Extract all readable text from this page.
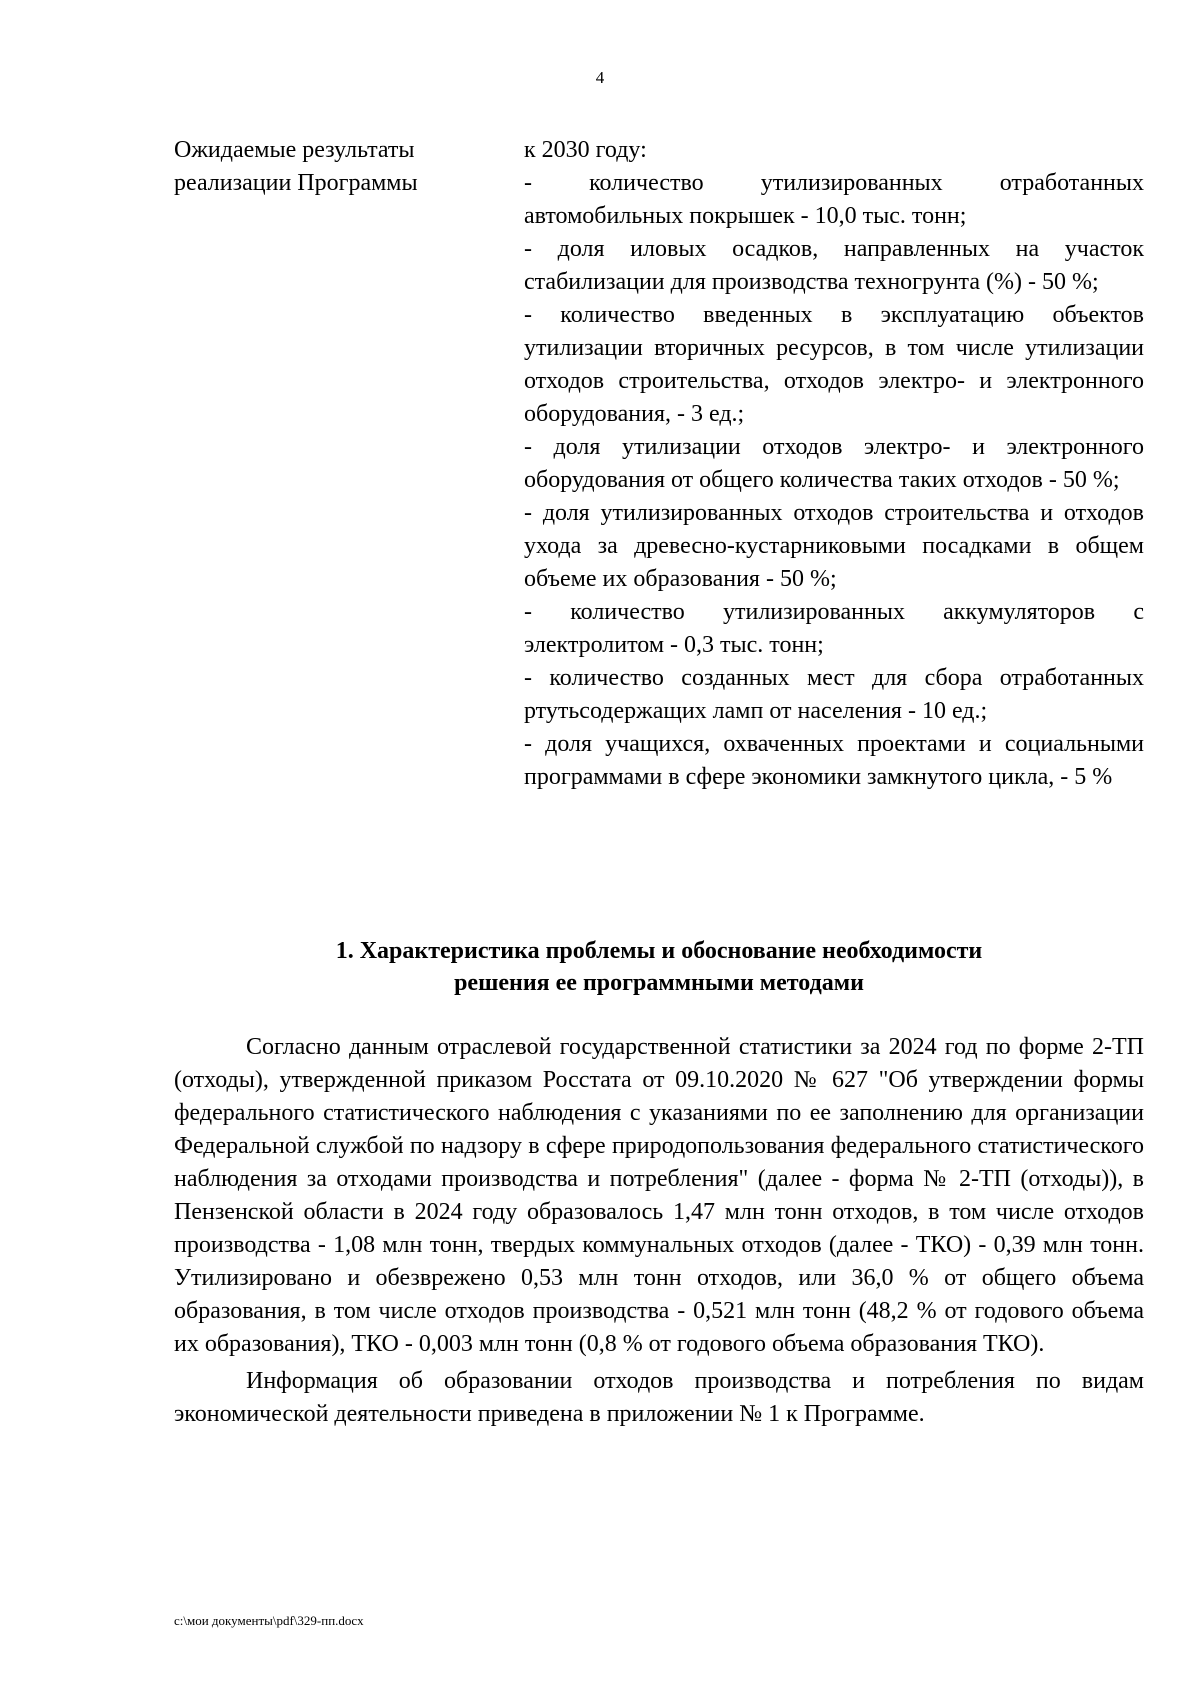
4
Ожидаемые результаты
реализации Программы
к 2030 году:

- количество утилизированных отработанных автомобильных покрышек - 10,0 тыс. тонн;

- доля иловых осадков, направленных на участок стабилизации для производства техногрунта (%) - 50 %;

- количество введенных в эксплуатацию объектов утилизации вторичных ресурсов, в том числе утилизации отходов строительства, отходов электро- и электронного оборудования, - 3 ед.;

- доля утилизации отходов электро- и электронного оборудования от общего количества таких отходов - 50 %;

- доля утилизированных отходов строительства и отходов ухода за древесно-кустарниковыми посадками в общем объеме их образования - 50 %;

- количество утилизированных аккумуляторов с электролитом - 0,3 тыс. тонн;

- количество созданных мест для сбора отработанных ртутьсодержащих ламп от населения - 10 ед.;

- доля учащихся, охваченных проектами и социальными программами в сфере экономики замкнутого цикла, - 5 %

1. Характеристика проблемы и обоснование необходимости
решения ее программными методами

Согласно данным отраслевой государственной статистики за 2024 год по форме 2-ТП (отходы), утвержденной приказом Росстата от 09.10.2020 № 627 "Об утверждении формы федерального статистического наблюдения с указаниями по ее заполнению для организации Федеральной службой по надзору в сфере природопользования федерального статистического наблюдения за отходами производства и потребления" (далее - форма № 2-ТП (отходы)), в Пензенской области в 2024 году образовалось 1,47 млн тонн отходов, в том числе отходов производства - 1,08 млн тонн, твердых коммунальных отходов (далее - ТКО) - 0,39 млн тонн. Утилизировано и обезврежено 0,53 млн тонн отходов, или 36,0 % от общего объема образования, в том числе отходов производства - 0,521 млн тонн (48,2 % от годового объема их образования), ТКО - 0,003 млн тонн (0,8 % от годового объема образования ТКО).

Информация об образовании отходов производства и потребления по видам экономической деятельности приведена в приложении № 1 к Программе.

c:\мои документы\pdf\329-пп.docx
